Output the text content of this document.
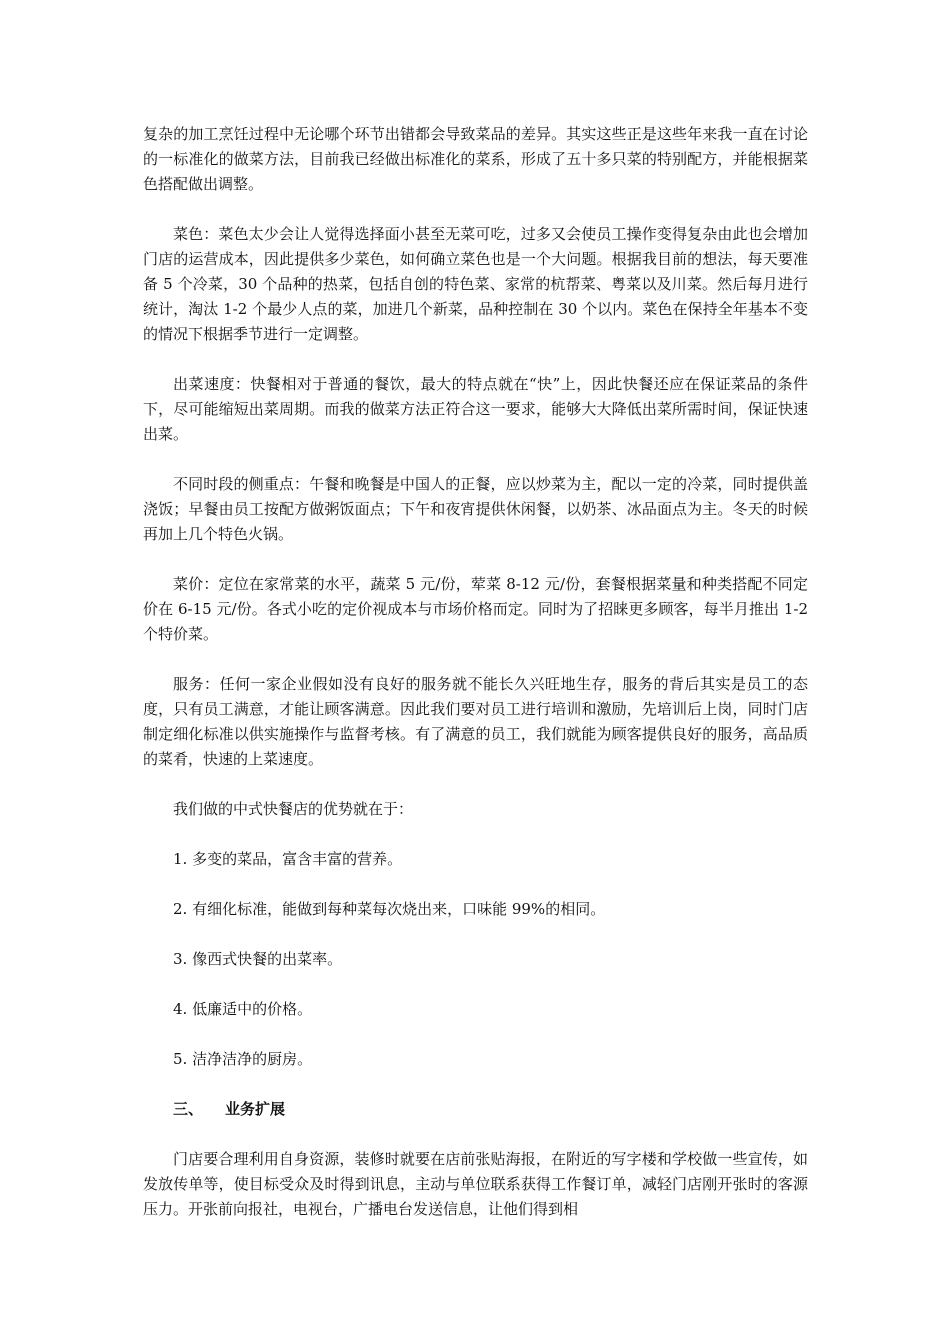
复杂的加工烹饪过程中无论哪个环节出错都会导致菜品的差异。其实这些正是这些年来我一直在讨论的一标准化的做菜方法，目前我已经做出标准化的菜系，形成了五十多只菜的特别配方，并能根据菜色搭配做出调整。

菜色：菜色太少会让人觉得选择面小甚至无菜可吃，过多又会使员工操作变得复杂由此也会增加门店的运营成本，因此提供多少菜色，如何确立菜色也是一个大问题。根据我目前的想法，每天要准备 5 个冷菜，30 个品种的热菜，包括自创的特色菜、家常的杭帮菜、粤菜以及川菜。然后每月进行统计，淘汰 1-2 个最少人点的菜，加进几个新菜，品种控制在 30 个以内。菜色在保持全年基本不变的情况下根据季节进行一定调整。

出菜速度：快餐相对于普通的餐饮，最大的特点就在“快”上，因此快餐还应在保证菜品的条件下，尽可能缩短出菜周期。而我的做菜方法正符合这一要求，能够大大降低出菜所需时间，保证快速出菜。

不同时段的侧重点：午餐和晚餐是中国人的正餐，应以炒菜为主，配以一定的冷菜，同时提供盖浇饭；早餐由员工按配方做粥饭面点；下午和夜宵提供休闲餐，以奶茶、冰品面点为主。冬天的时候再加上几个特色火锅。

菜价：定位在家常菜的水平，蔬菜 5 元/份，荤菜 8-12 元/份，套餐根据菜量和种类搭配不同定价在 6-15 元/份。各式小吃的定价视成本与市场价格而定。同时为了招睐更多顾客，每半月推出 1-2 个特价菜。

服务：任何一家企业假如没有良好的服务就不能长久兴旺地生存，服务的背后其实是员工的态度，只有员工满意，才能让顾客满意。因此我们要对员工进行培训和激励，先培训后上岗，同时门店制定细化标准以供实施操作与监督考核。有了满意的员工，我们就能为顾客提供良好的服务，高品质的菜肴，快速的上菜速度。

我们做的中式快餐店的优势就在于：

1. 多变的菜品，富含丰富的营养。
2. 有细化标准，能做到每种菜每次烧出来，口味能 99%的相同。
3. 像西式快餐的出菜率。
4. 低廉适中的价格。
5. 洁净洁净的厨房。
三、 业务扩展

门店要合理利用自身资源，装修时就要在店前张贴海报，在附近的写字楼和学校做一些宣传，如发放传单等，使目标受众及时得到讯息，主动与单位联系获得工作餐订单，减轻门店刚开张时的客源压力。开张前向报社，电视台，广播电台发送信息，让他们得到相
